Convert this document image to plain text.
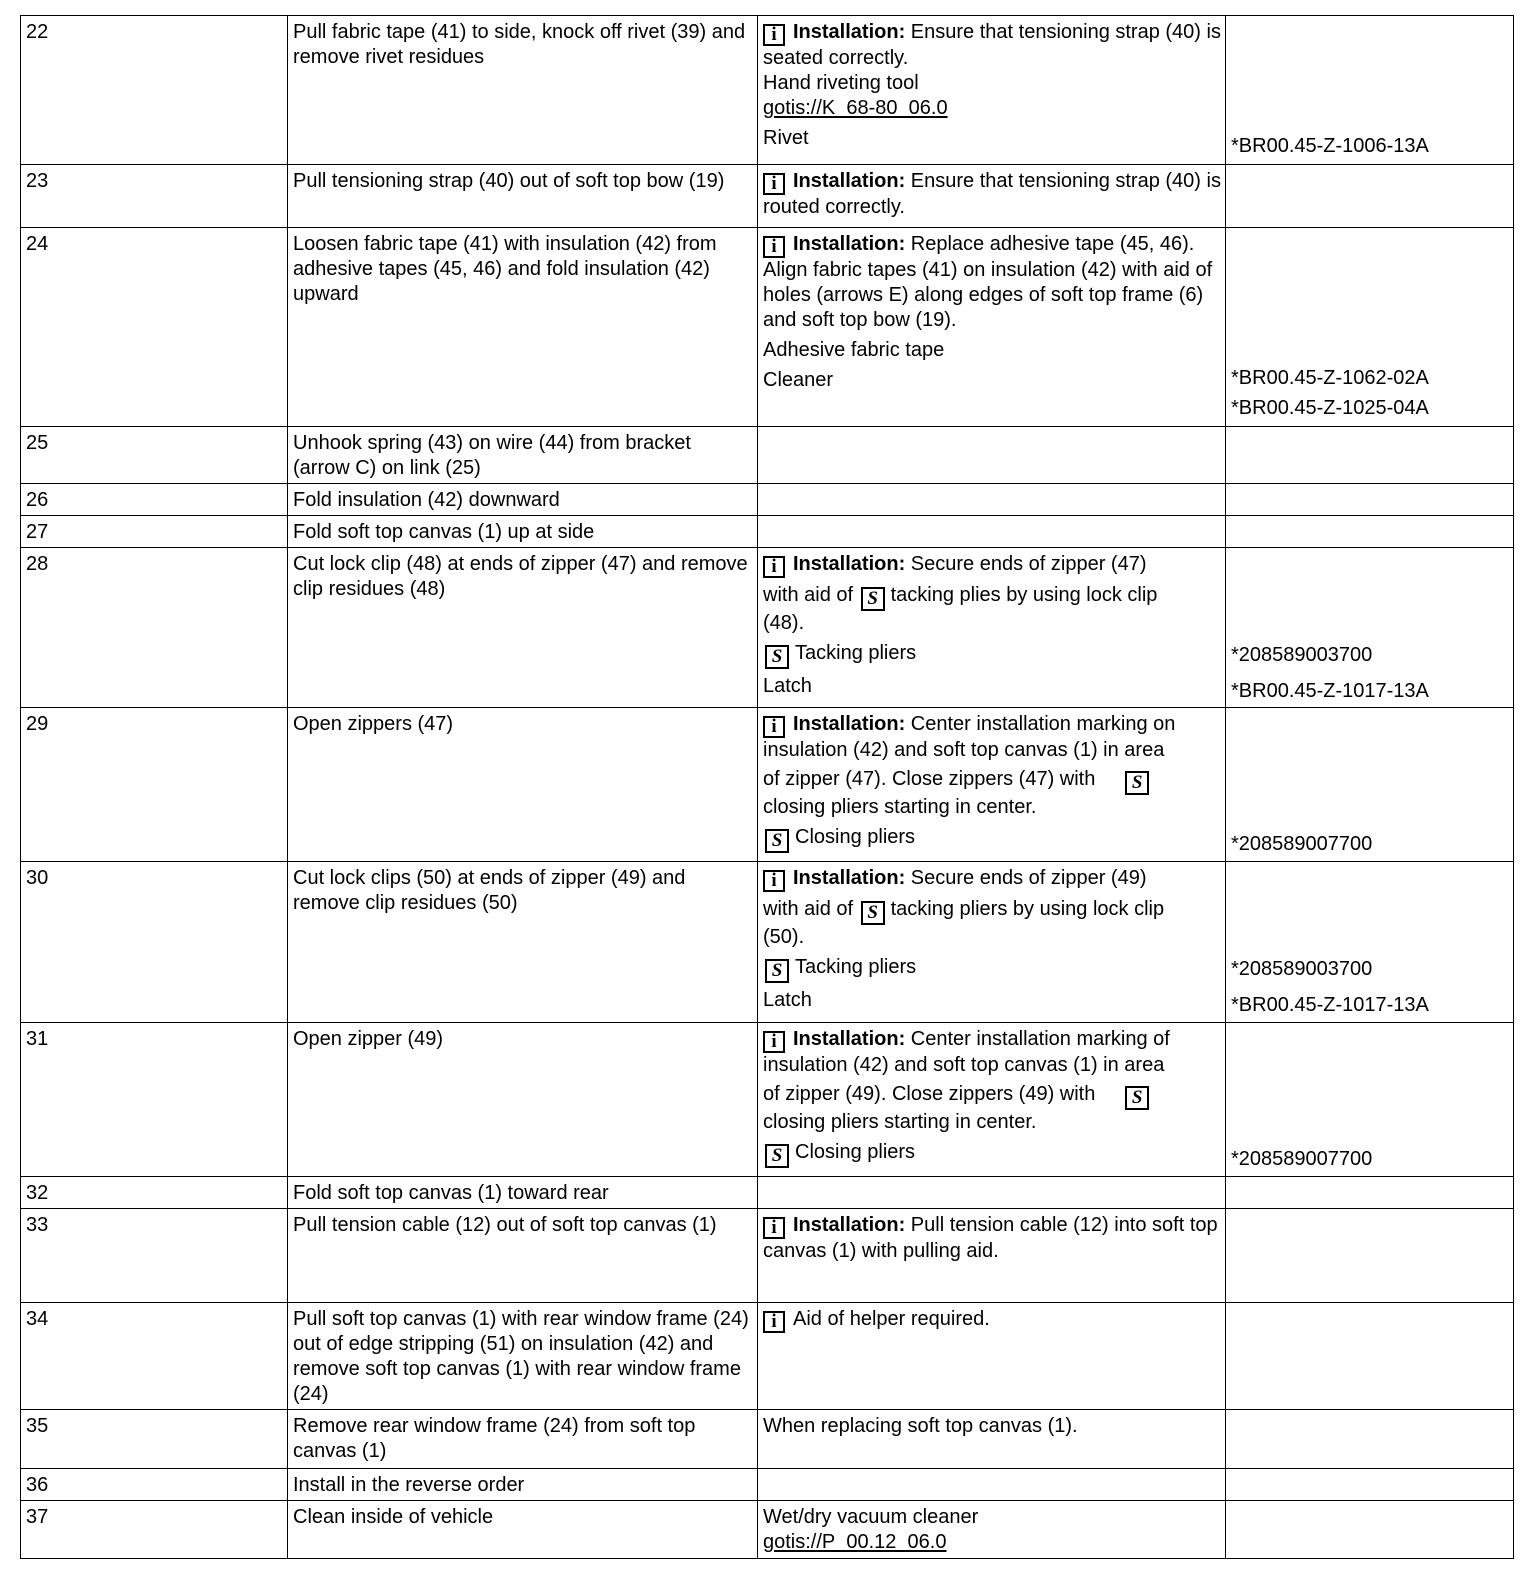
22	Pull fabric tape (41) to side, knock off rivet (39) and remove rivet residues	i Installation: Ensure that tensioning strap (40) is seated correctly.
Hand riveting tool
gotis://K_68-80_06.0
Rivet	*BR00.45-Z-1006-13A

23	Pull tensioning strap (40) out of soft top bow (19)	i Installation: Ensure that tensioning strap (40) is routed correctly.	

24	Loosen fabric tape (41) with insulation (42) from adhesive tapes (45, 46) and fold insulation (42) upward	i Installation: Replace adhesive tape (45, 46).
Align fabric tapes (41) on insulation (42) with aid of holes (arrows E) along edges of soft top frame (6) and soft top bow (19).
Adhesive fabric tape
Cleaner	*BR00.45-Z-1062-02A
*BR00.45-Z-1025-04A

25	Unhook spring (43) on wire (44) from bracket (arrow C) on link (25)		
26	Fold insulation (42) downward		
27	Fold soft top canvas (1) up at side		
28	Cut lock clip (48) at ends of zipper (47) and remove clip residues (48)	i Installation: Secure ends of zipper (47)
with aid of S tacking plies by using lock clip
(48).
S Tacking pliers
Latch	*208589003700
*BR00.45-Z-1017-13A

29	Open zippers (47)	i Installation: Center installation marking on insulation (42) and soft top canvas (1) in area
of zipper (47). Close zippers (47) with S
closing pliers starting in center.
S Closing pliers	*208589007700

30	Cut lock clips (50) at ends of zipper (49) and remove clip residues (50)	i Installation: Secure ends of zipper (49)
with aid of S tacking pliers by using lock clip
(50).
S Tacking pliers
Latch	*208589003700
*BR00.45-Z-1017-13A

31	Open zipper (49)	i Installation: Center installation marking of insulation (42) and soft top canvas (1) in area
of zipper (49). Close zippers (49) with S
closing pliers starting in center.
S Closing pliers	*208589007700

32	Fold soft top canvas (1) toward rear		
33	Pull tension cable (12) out of soft top canvas (1)	i Installation: Pull tension cable (12) into soft top canvas (1) with pulling aid.	

34	Pull soft top canvas (1) with rear window frame (24) out of edge stripping (51) on insulation (42) and remove soft top canvas (1) with rear window frame (24)	i Aid of helper required.	

35	Remove rear window frame (24) from soft top canvas (1)	When replacing soft top canvas (1).	
36	Install in the reverse order		
37	Clean inside of vehicle	Wet/dry vacuum cleaner
gotis://P_00.12_06.0	
